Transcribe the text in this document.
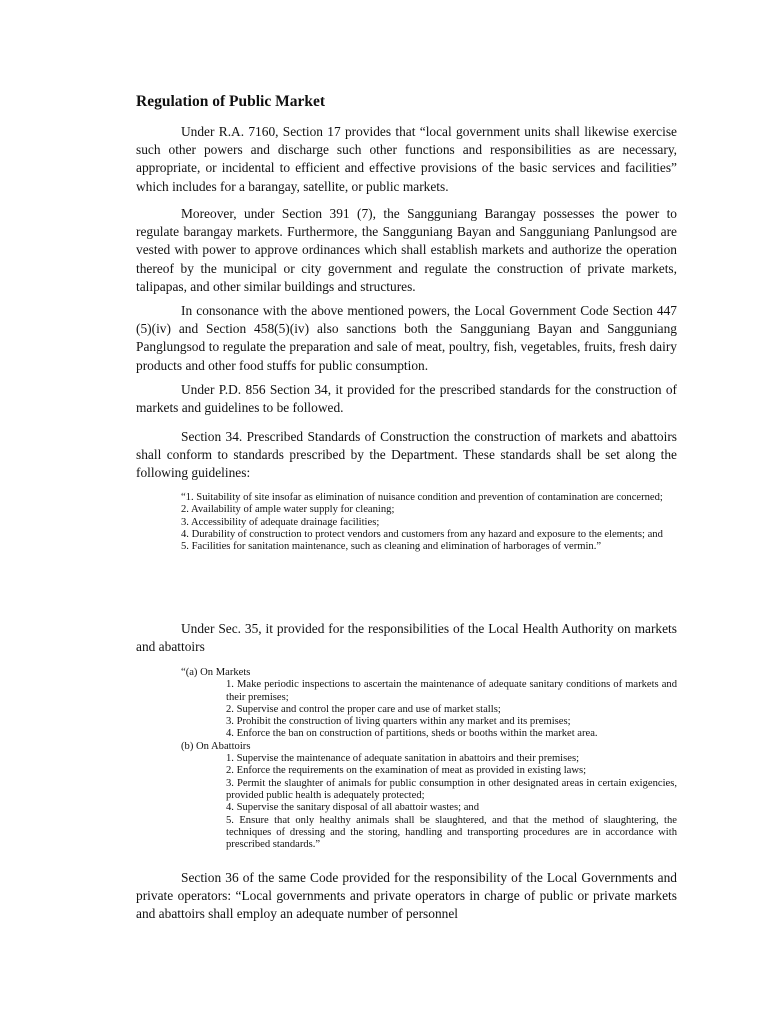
Regulation of Public Market

Under R.A. 7160, Section 17 provides that “local government units shall likewise exercise such other powers and discharge such other functions and responsibilities as are necessary, appropriate, or incidental to efficient and effective provisions of the basic services and facilities” which includes for a barangay, satellite, or public markets.

Moreover, under Section 391 (7), the Sangguniang Barangay possesses the power to regulate barangay markets. Furthermore, the Sangguniang Bayan and Sangguniang Panlungsod are vested with power to approve ordinances which shall establish markets and authorize the operation thereof by the municipal or city government and regulate the construction of private markets, talipapas, and other similar buildings and structures.

In consonance with the above mentioned powers, the Local Government Code Section 447 (5)(iv) and Section 458(5)(iv) also sanctions both the Sangguniang Bayan and Sangguniang Panglungsod to regulate the preparation and sale of meat, poultry, fish, vegetables, fruits, fresh dairy products and other food stuffs for public consumption.

Under P.D. 856 Section 34, it provided for the prescribed standards for the construction of markets and guidelines to be followed.

Section 34. Prescribed Standards of Construction the construction of markets and abattoirs shall conform to standards prescribed by the Department. These standards shall be set along the following guidelines:

“1. Suitability of site insofar as elimination of nuisance condition and prevention of contamination are concerned;

2. Availability of ample water supply for cleaning;

3. Accessibility of adequate drainage facilities;

4. Durability of construction to protect vendors and customers from any hazard and exposure to the elements; and

5. Facilities for sanitation maintenance, such as cleaning and elimination of harborages of vermin.”

Under Sec. 35, it provided for the responsibilities of the Local Health Authority on markets and abattoirs

“(a) On Markets

1. Make periodic inspections to ascertain the maintenance of adequate sanitary conditions of markets and their premises;

2. Supervise and control the proper care and use of market stalls;

3. Prohibit the construction of living quarters within any market and its premises;

4. Enforce the ban on construction of partitions, sheds or booths within the market area.

(b) On Abattoirs

1. Supervise the maintenance of adequate sanitation in abattoirs and their premises;

2. Enforce the requirements on the examination of meat as provided in existing laws;

3. Permit the slaughter of animals for public consumption in other designated areas in certain exigencies, provided public health is adequately protected;

4. Supervise the sanitary disposal of all abattoir wastes; and

5. Ensure that only healthy animals shall be slaughtered, and that the method of slaughtering, the techniques of dressing and the storing, handling and transporting procedures are in accordance with prescribed standards.”

Section 36 of the same Code provided for the responsibility of the Local Governments and private operators: “Local governments and private operators in charge of public or private markets and abattoirs shall employ an adequate number of personnel
